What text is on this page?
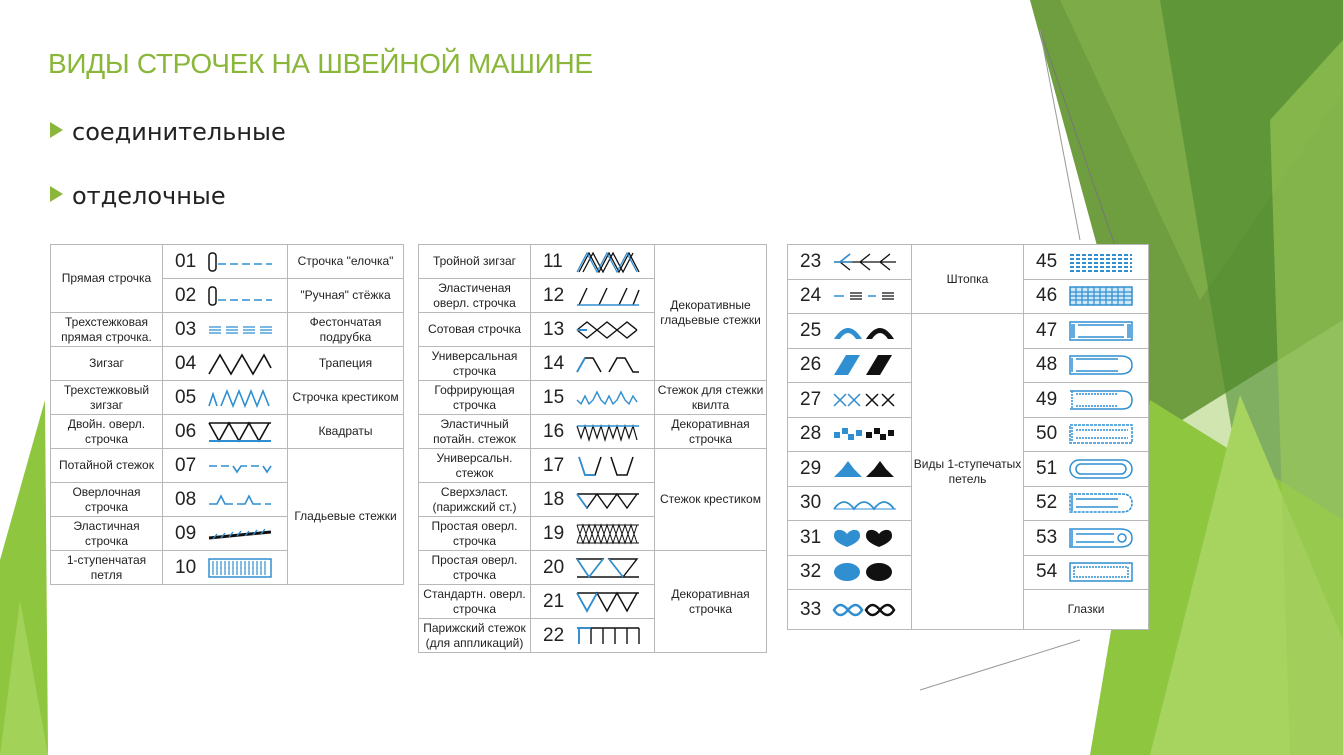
ВИДЫ СТРОЧЕК НА ШВЕЙНОЙ МАШИНЕ
соединительные
отделочные
Прямая строчка	01	Строчка "елочка"
	02	"Ручная" стёжка
Трехстежковая прямая строчка.	03	Фестончатая подрубка
Зигзаг	04	Трапеция
Трехстежковый зигзаг	05	Строчка крестиком
Двойн. оверл. строчка	06	Квадраты
Потайной стежок	07	Гладьевые стежки
Оверлочная строчка	08	
Эластичная строчка	09	
1-ступенчатая петля	10	
Тройной зигзаг	11	Декоративные гладьевые стежки
Эластиченая оверл. строчка	12	
Сотовая строчка	13	
Универсальная строчка	14	
Гофрирующая строчка	15	Стежок для стежки квилта
Эластичный потайн. стежок	16	Декоративная строчка
Универсальн. стежок	17	Стежок крестиком
Сверхэласт. (парижский ст.)	18	
Простая оверл. строчка	19	
Простая оверл. строчка	20	Декоративная строчка
Стандартн. оверл. строчка	21	
Парижский стежок (для аппликаций)	22	
23	Штопка	45	
24		46	
25	Виды 1-ступечатых петель	47	
26		48	
27		49	
28		50	
29		51	
30		52	
31		53	
32		54	
33		Глазки	
